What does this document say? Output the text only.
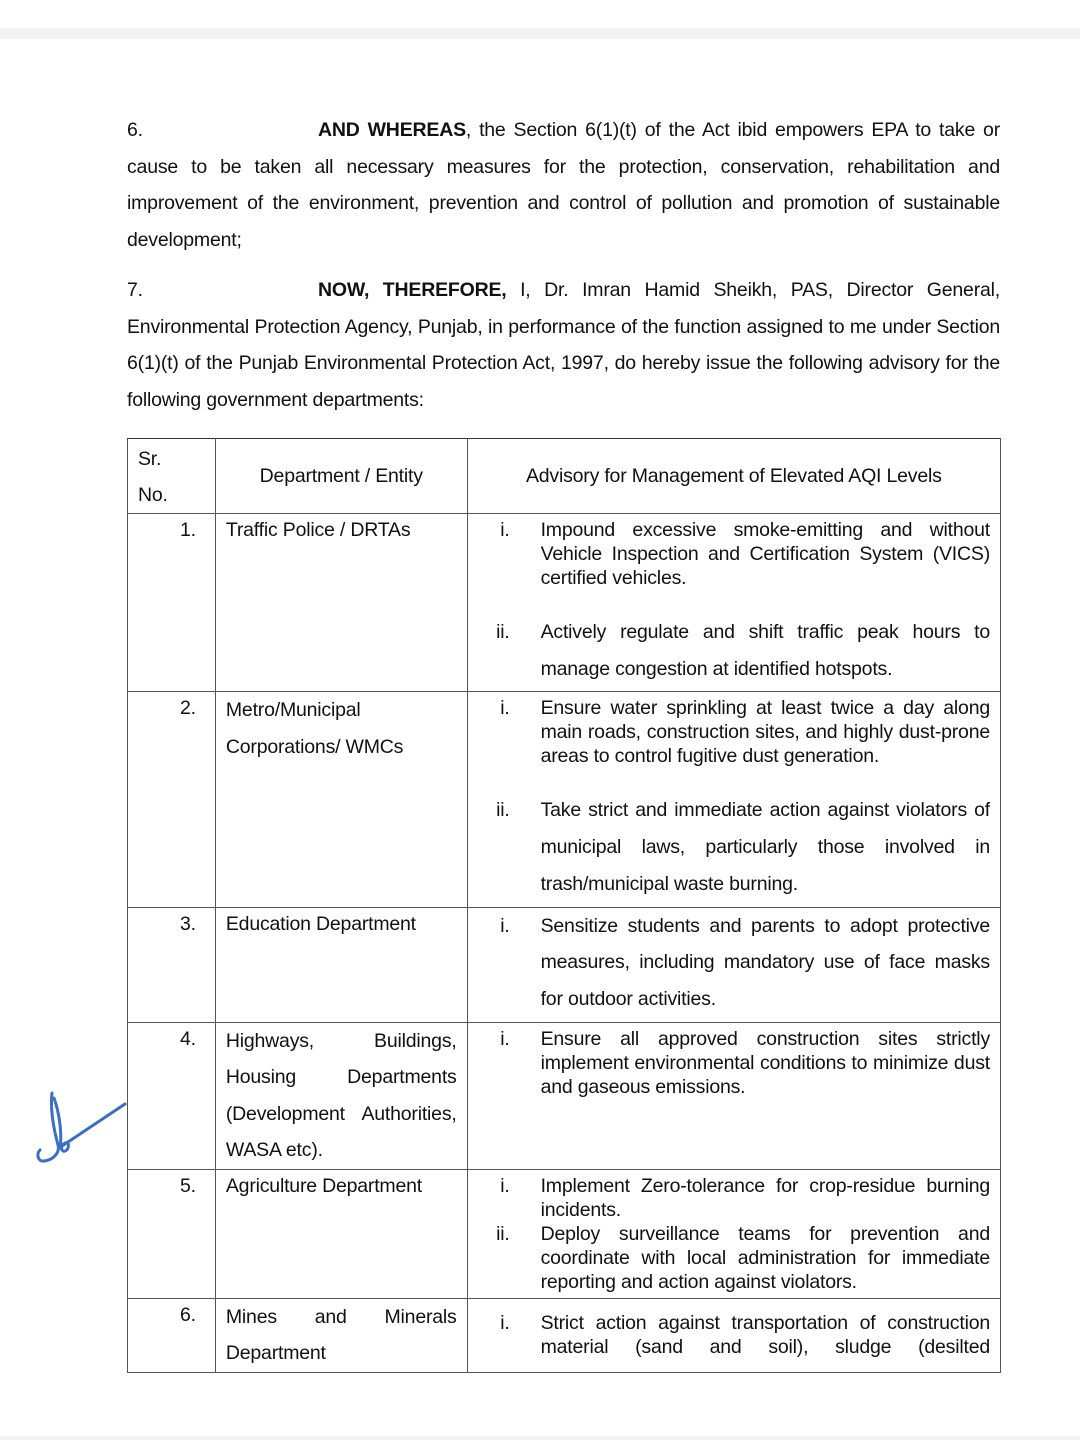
6.	AND WHEREAS, the Section 6(1)(t) of the Act ibid empowers EPA to take or cause to be taken all necessary measures for the protection, conservation, rehabilitation and improvement of the environment, prevention and control of pollution and promotion of sustainable development;
7.	NOW, THEREFORE, I, Dr. Imran Hamid Sheikh, PAS, Director General, Environmental Protection Agency, Punjab, in performance of the function assigned to me under Section 6(1)(t) of the Punjab Environmental Protection Act, 1997, do hereby issue the following advisory for the following government departments:
Sr.
No.	Department / Entity	Advisory for Management of Elevated AQI Levels
1.	Traffic Police / DRTAs	i. Impound excessive smoke-emitting and without Vehicle Inspection and Certification System (VICS) certified vehicles.
ii. Actively regulate and shift traffic peak hours to manage congestion at identified hotspots.

2.	Metro/Municipal Corporations/ WMCs	i. Ensure water sprinkling at least twice a day along main roads, construction sites, and highly dust-prone areas to control fugitive dust generation.
ii. Take strict and immediate action against violators of municipal laws, particularly those involved in trash/municipal waste burning.

3.	Education Department	i. Sensitize students and parents to adopt protective measures, including mandatory use of face masks for outdoor activities.

4.	Highways, Buildings, Housing Departments (Development Authorities, WASA etc).	i. Ensure all approved construction sites strictly implement environmental conditions to minimize dust and gaseous emissions.

5.	Agriculture Department	i. Implement Zero-tolerance for crop-residue burning incidents.
ii. Deploy surveillance teams for prevention and coordinate with local administration for immediate reporting and action against violators.

6.	Mines and Minerals Department	i. Strict action against transportation of construction material (sand and soil), sludge (desilted
